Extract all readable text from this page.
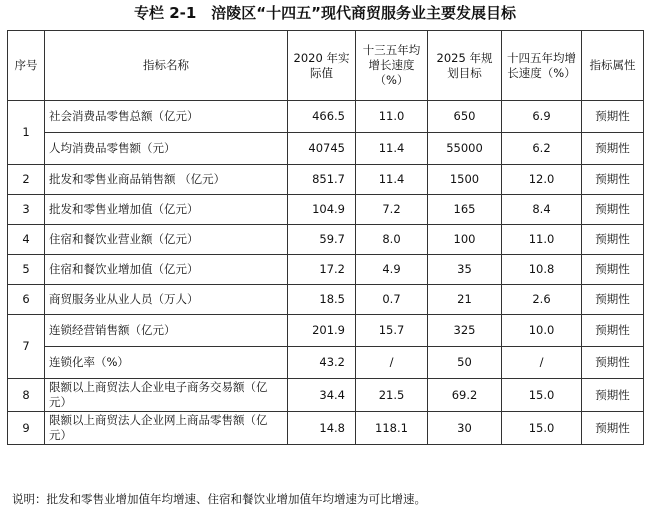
专栏 2-1　涪陵区“十四五”现代商贸服务业主要发展目标
序号	指标名称	2020 年实际值	十三五年均增长速度（%）	2025 年规划目标	十四五年均增长速度（%）	指标属性
1	社会消费品零售总额（亿元）	466.5	11.0	650	6.9	预期性
	人均消费品零售额（元）	40745	11.4	55000	6.2	预期性
2	批发和零售业商品销售额 （亿元）	851.7	11.4	1500	12.0	预期性
3	批发和零售业增加值（亿元）	104.9	7.2	165	8.4	预期性
4	住宿和餐饮业营业额（亿元）	59.7	8.0	100	11.0	预期性
5	住宿和餐饮业增加值（亿元）	17.2	4.9	35	10.8	预期性
6	商贸服务业从业人员（万人）	18.5	0.7	21	2.6	预期性
7	连锁经营销售额（亿元）	201.9	15.7	325	10.0	预期性
	连锁化率（%）	43.2	/	50	/	预期性
8	限额以上商贸法人企业电子商务交易额（亿元）	34.4	21.5	69.2	15.0	预期性
9	限额以上商贸法人企业网上商品零售额（亿元）	14.8	118.1	30	15.0	预期性
说明：批发和零售业增加值年均增速、住宿和餐饮业增加值年均增速为可比增速。
